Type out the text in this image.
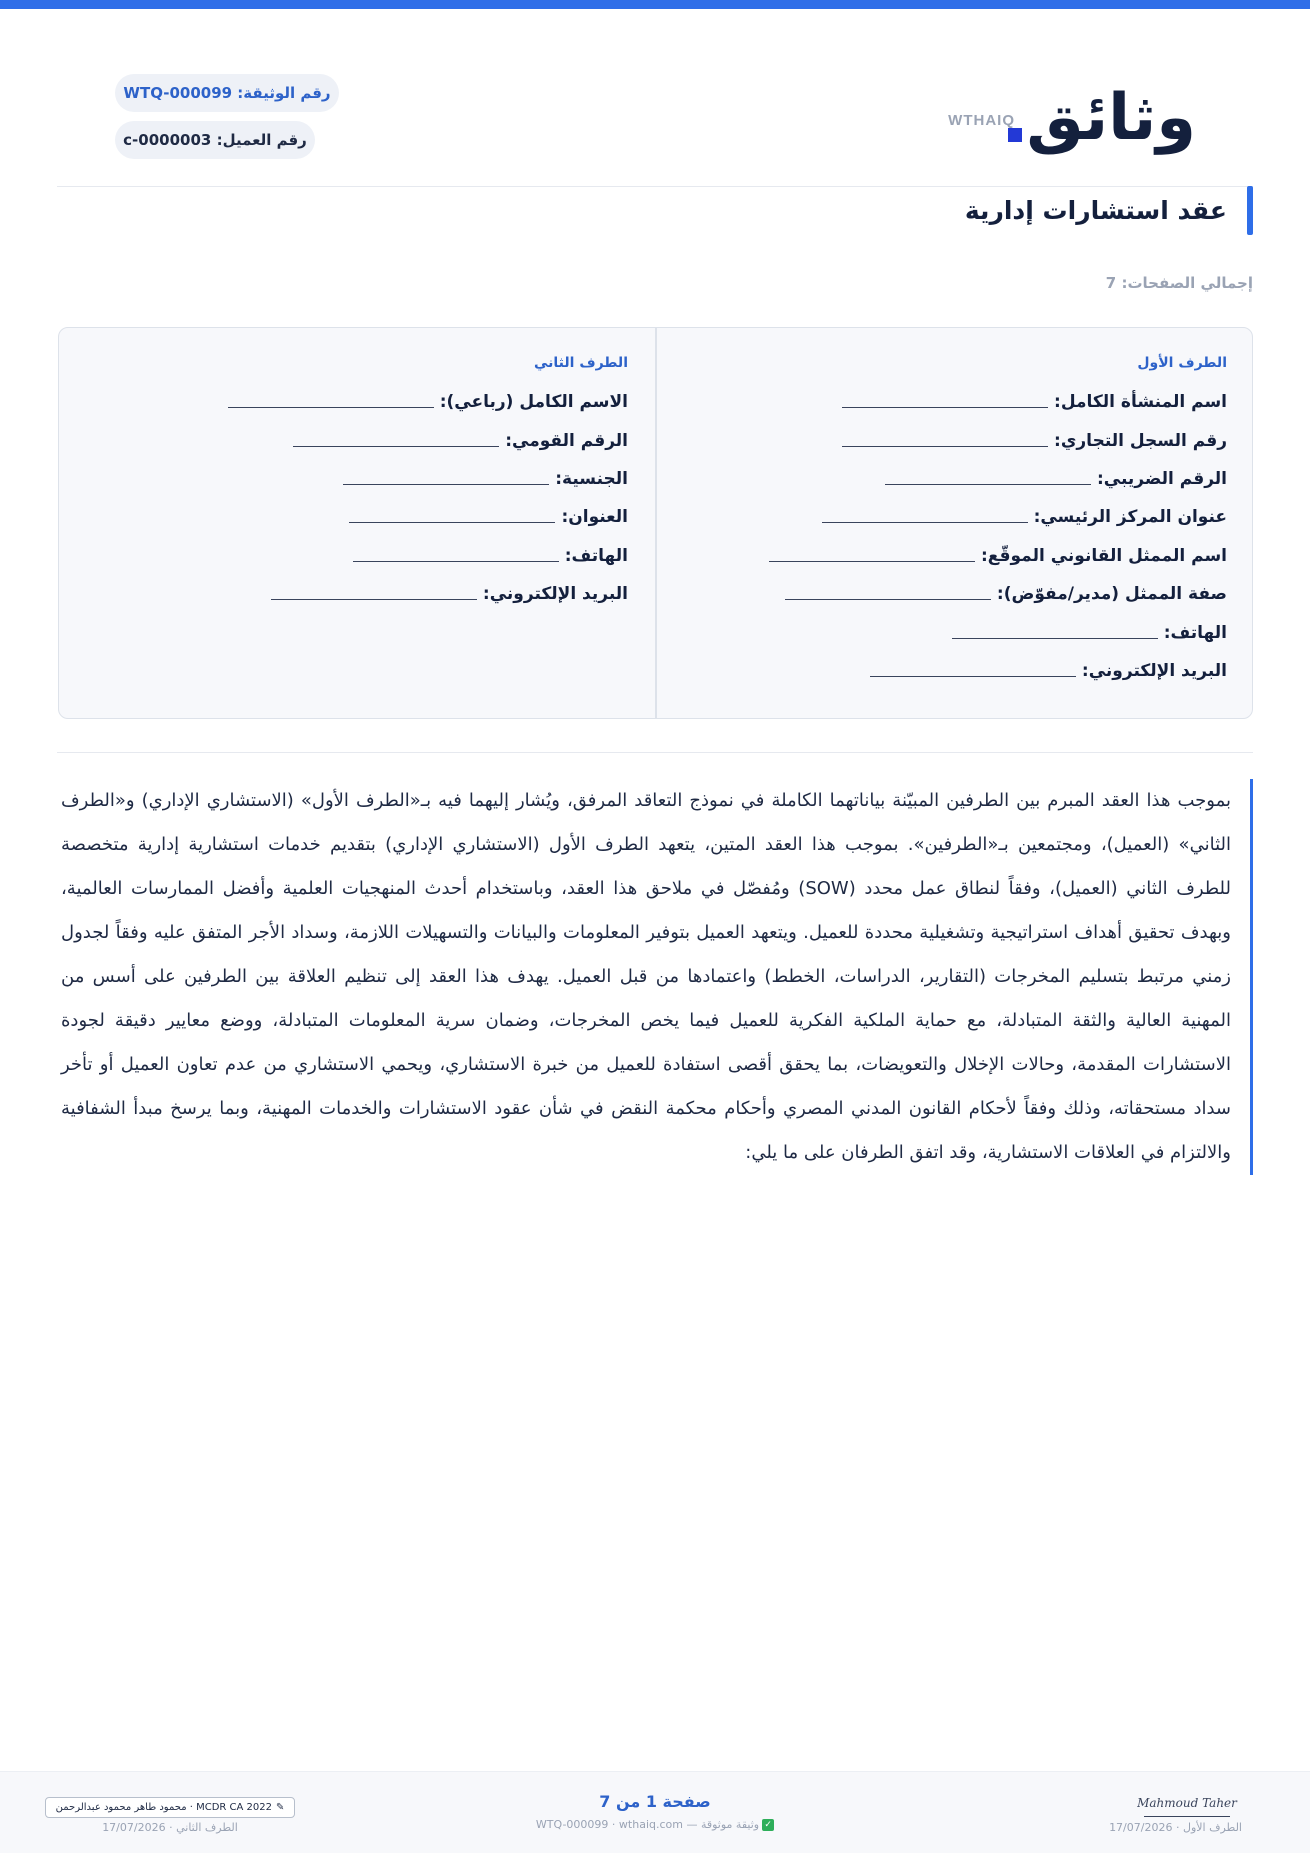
وثائق
WTHAIQ
رقم الوثيقة: WTQ-000099
رقم العميل: c-0000003
عقد استشارات إدارية
إجمالي الصفحات: 7
الطرف الأول
اسم المنشأة الكامل:
رقم السجل التجاري:
الرقم الضريبي:
عنوان المركز الرئيسي:
اسم الممثل القانوني الموقّع:
صفة الممثل (مدير/مفوّض):
الهاتف:
البريد الإلكتروني:
الطرف الثاني
الاسم الكامل (رباعي):
الرقم القومي:
الجنسية:
العنوان:
الهاتف:
البريد الإلكتروني:

بموجب هذا العقد المبرم بين الطرفين المبيّنة بياناتهما الكاملة في نموذج التعاقد المرفق، ويُشار إليهما فيه بـ«الطرف الأول» (الاستشاري الإداري) و«الطرف الثاني» (العميل)، ومجتمعين بـ«الطرفين». بموجب هذا العقد المتين، يتعهد الطرف الأول (الاستشاري الإداري) بتقديم خدمات استشارية إدارية متخصصة للطرف الثاني (العميل)، وفقاً لنطاق عمل محدد (SOW) ومُفصّل في ملاحق هذا العقد، وباستخدام أحدث المنهجيات العلمية وأفضل الممارسات العالمية، وبهدف تحقيق أهداف استراتيجية وتشغيلية محددة للعميل. ويتعهد العميل بتوفير المعلومات والبيانات والتسهيلات اللازمة، وسداد الأجر المتفق عليه وفقاً لجدول زمني مرتبط بتسليم المخرجات (التقارير، الدراسات، الخطط) واعتمادها من قبل العميل. يهدف هذا العقد إلى تنظيم العلاقة بين الطرفين على أسس من المهنية العالية والثقة المتبادلة، مع حماية الملكية الفكرية للعميل فيما يخص المخرجات، وضمان سرية المعلومات المتبادلة، ووضع معايير دقيقة لجودة الاستشارات المقدمة، وحالات الإخلال والتعويضات، بما يحقق أقصى استفادة للعميل من خبرة الاستشاري، ويحمي الاستشاري من عدم تعاون العميل أو تأخر سداد مستحقاته، وذلك وفقاً لأحكام القانون المدني المصري وأحكام محكمة النقض في شأن عقود الاستشارات والخدمات المهنية، وبما يرسخ مبدأ الشفافية والالتزام في العلاقات الاستشارية، وقد اتفق الطرفان على ما يلي:

Mahmoud Taher
الطرف الأول · 17/07/2026
صفحة 1 من 7
✓وثيقة موثوقة — WTQ-000099 · wthaiq.com
✎
MCDR CA 2022 · محمود طاهر محمود عبدالرحمن
الطرف الثاني · 17/07/2026
